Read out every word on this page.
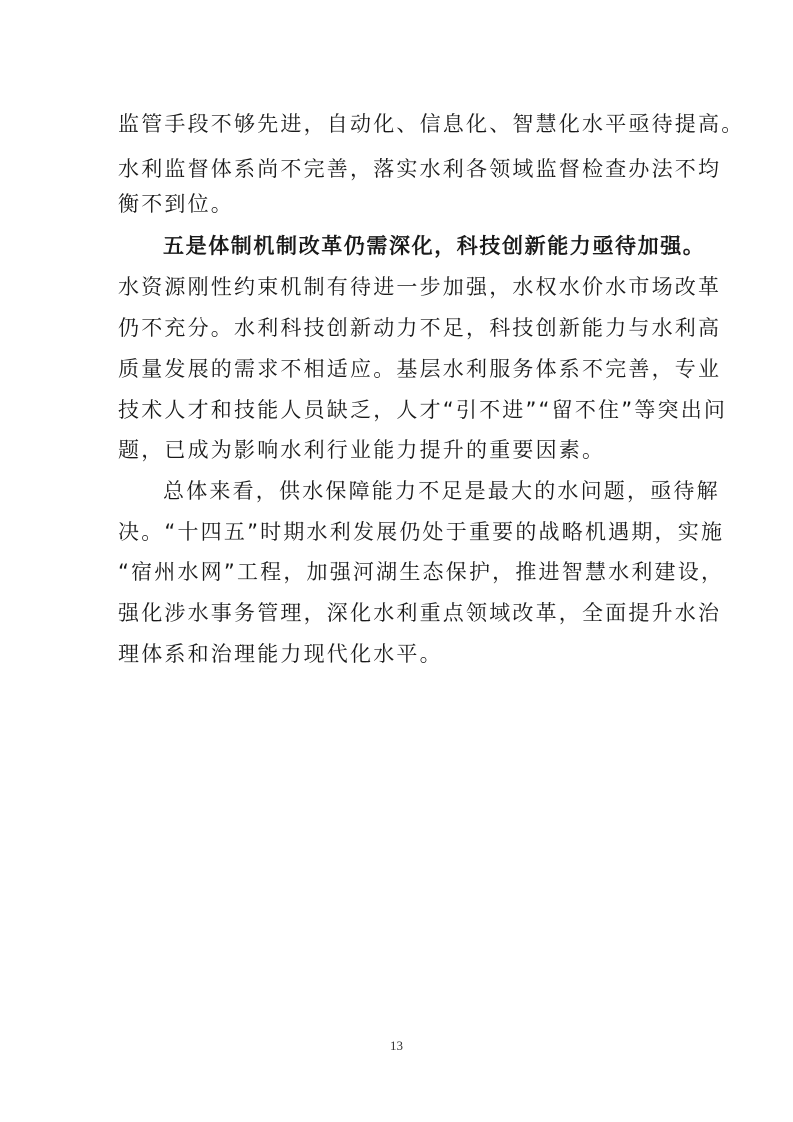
监管手段不够先进，自动化、信息化、智慧化水平亟待提高。
水利监督体系尚不完善，落实水利各领域监督检查办法不均
衡不到位。
五是体制机制改革仍需深化，科技创新能力亟待加强。
水资源刚性约束机制有待进一步加强，水权水价水市场改革
仍不充分。水利科技创新动力不足，科技创新能力与水利高
质量发展的需求不相适应。基层水利服务体系不完善，专业
技术人才和技能人员缺乏，人才“引不进”“留不住”等突出问
题，已成为影响水利行业能力提升的重要因素。
总体来看，供水保障能力不足是最大的水问题，亟待解
决。“十四五”时期水利发展仍处于重要的战略机遇期，实施
“宿州水网”工程，加强河湖生态保护，推进智慧水利建设，
强化涉水事务管理，深化水利重点领域改革，全面提升水治
理体系和治理能力现代化水平。
13
